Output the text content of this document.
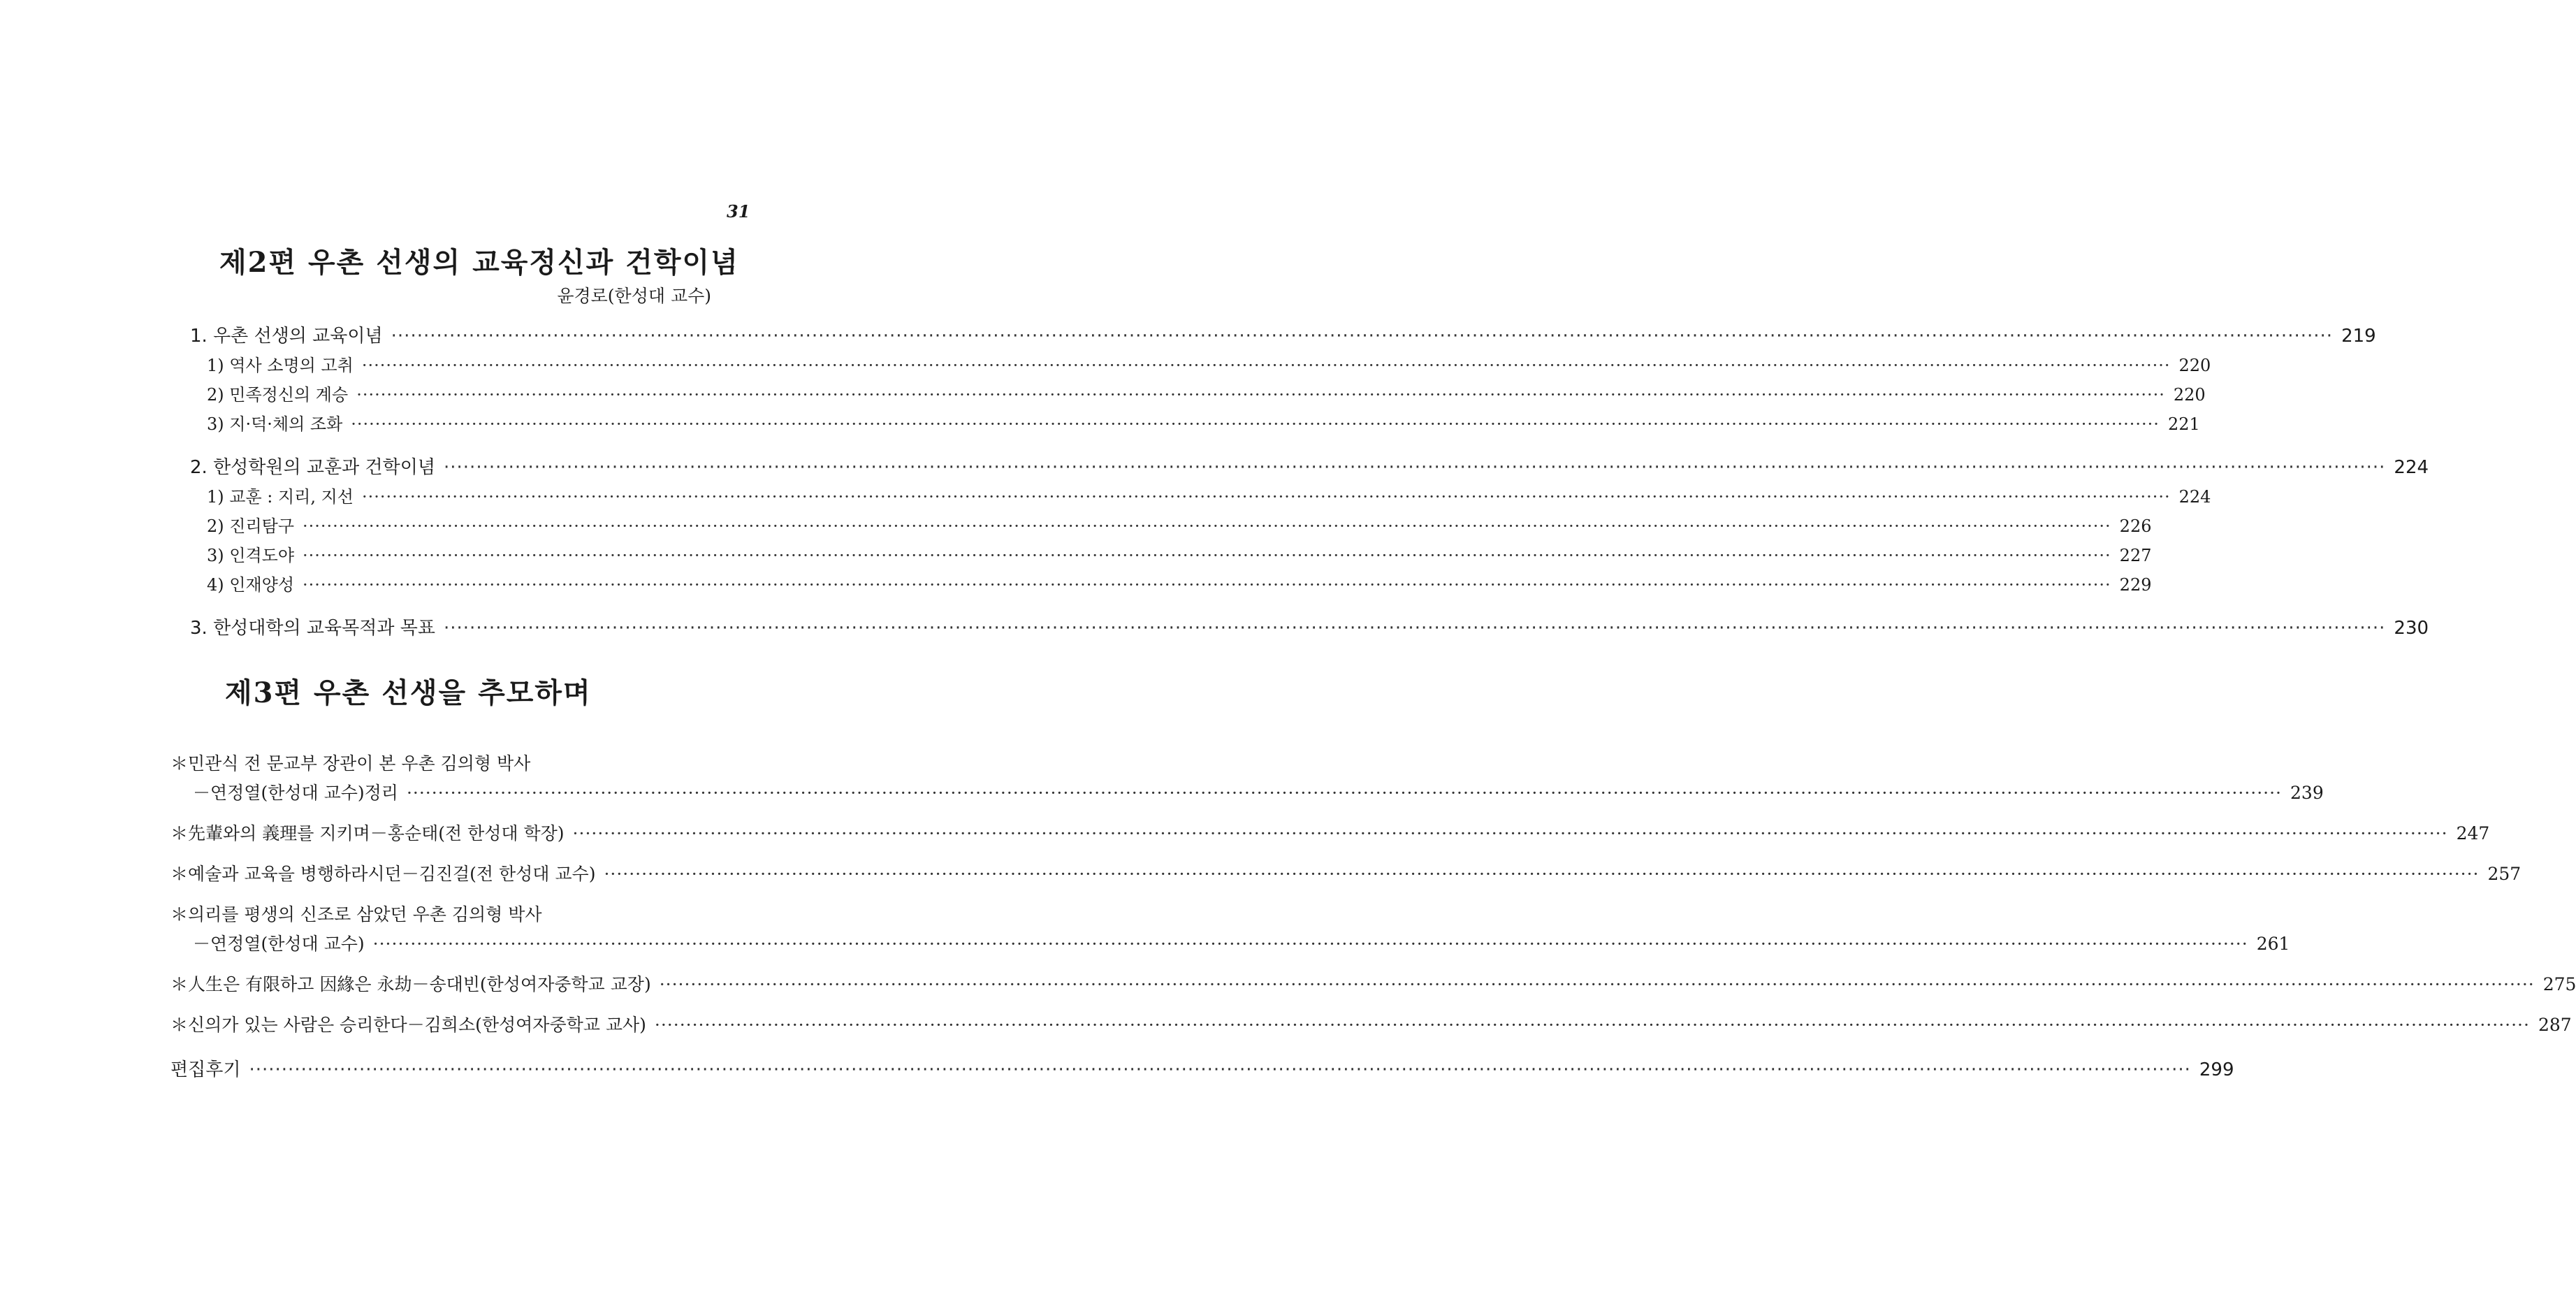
31
제2편 우촌 선생의 교육정신과 건학이념
윤경로(한성대 교수)
1. 우촌 선생의 교육이념 ············································································································································································································································································································ 219
1) 역사 소명의 고취 ············································································································································································································································································································ 220
2) 민족정신의 계승 ············································································································································································································································································································ 220
3) 지·덕·체의 조화 ············································································································································································································································································································ 221
2. 한성학원의 교훈과 건학이념 ············································································································································································································································································································ 224
1) 교훈 : 지리, 지선 ············································································································································································································································································································ 224
2) 진리탐구 ············································································································································································································································································································ 226
3) 인격도야 ············································································································································································································································································································ 227
4) 인재양성 ············································································································································································································································································································ 229
3. 한성대학의 교육목적과 목표 ············································································································································································································································································································ 230
제3편 우촌 선생을 추모하며
＊민관식 전 문교부 장관이 본 우촌 김의형 박사
－연정열(한성대 교수)정리 ············································································································································································································································································································ 239
＊先輩와의 義理를 지키며－홍순태(전 한성대 학장) ············································································································································································································································································································ 247
＊예술과 교육을 병행하라시던－김진걸(전 한성대 교수) ············································································································································································································································································································ 257
＊의리를 평생의 신조로 삼았던 우촌 김의형 박사
－연정열(한성대 교수) ············································································································································································································································································································ 261
＊人生은 有限하고 因緣은 永劫－송대빈(한성여자중학교 교장) ············································································································································································································································································································ 275
＊신의가 있는 사람은 승리한다－김희소(한성여자중학교 교사) ············································································································································································································································································································ 287
편집후기 ············································································································································································································································································································ 299
